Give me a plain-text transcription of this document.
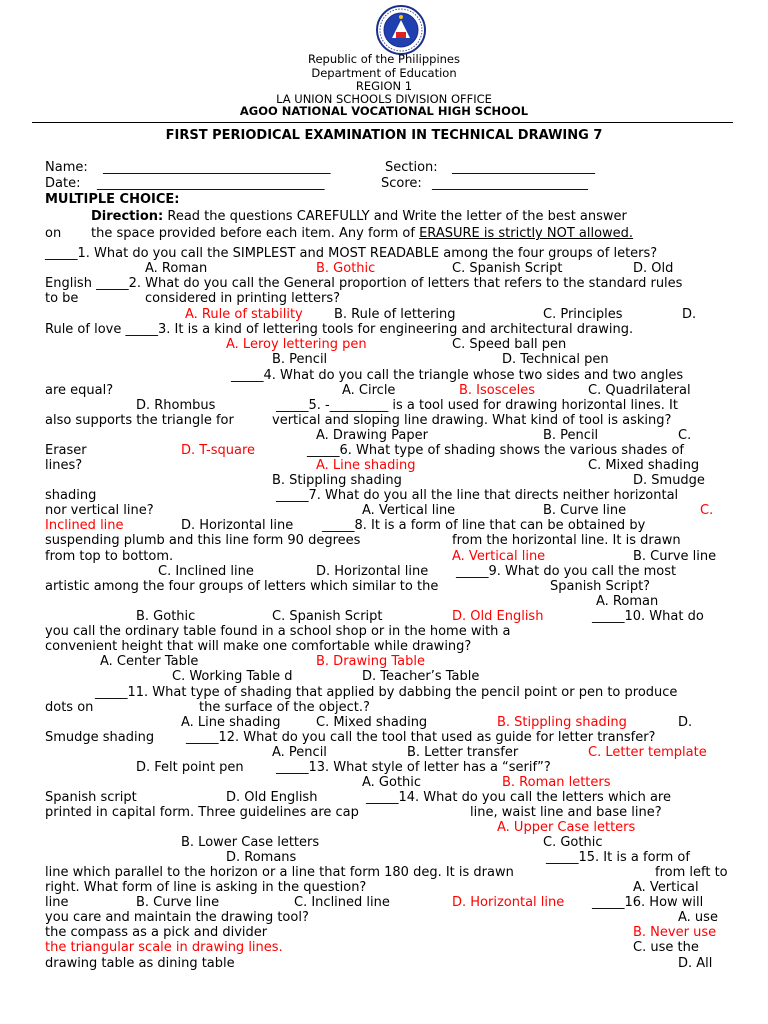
Republic of the Philippines
Department of Education
REGION 1
LA UNION SCHOOLS DIVISION OFFICE
AGOO NATIONAL VOCATIONAL HIGH SCHOOL
FIRST PERIODICAL EXAMINATION IN TECHNICAL DRAWING 7
Name: ___________________________________	Section: ______________________
Date: ___________________________________	Score: ________________________
MULTIPLE CHOICE:
Direction: Read the questions CAREFULLY and Write the letter of the best answer
on the space provided before each item. Any form of ERASURE is strictly NOT allowed.
_____1. What do you call the SIMPLEST and MOST READABLE among the four groups of leters?
A. Roman	B. Gothic	C. Spanish Script	D. Old
English _____2. What do you call the General proportion of letters that refers to the standard rules
to be	considered in printing letters?
A. Rule of stability B. Rule of lettering	C. Principles	D.
Rule of love _____3. It is a kind of lettering tools for engineering and architectural drawing.
A. Leroy lettering pen	C. Speed ball pen
B. Pencil	D. Technical pen
_____4. What do you call the triangle whose two sides and two angles
are equal?	A. Circle	B. Isosceles	C. Quadrilateral
D. Rhombus	_____5. -_________ is a tool used for drawing horizontal lines. It
also supports the triangle for	vertical and sloping line drawing. What kind of tool is asking?
A. Drawing Paper	B. Pencil	C.
Eraser	D. T-square	_____6. What type of shading shows the various shades of
lines?	A. Line shading	C. Mixed shading
B. Stippling shading	D. Smudge
shading	_____7. What do you all the line that directs neither horizontal
nor vertical line?	A. Vertical line	B. Curve line	C.
Inclined line	D. Horizontal line _____8. It is a form of line that can be obtained by
suspending plumb and this line form 90 degrees	from the horizontal line. It is drawn
from top to bottom.	A. Vertical line	B. Curve line
C. Inclined line	D. Horizontal line _____9. What do you call the most
artistic among the four groups of letters which similar to the	Spanish Script?
A. Roman
B. Gothic	C. Spanish Script	D. Old English	_____10. What do
you call the ordinary table found in a school shop or in the home with a
convenient height that will make one comfortable while drawing?
A. Center Table	B. Drawing Table
C. Working Table d	D. Teacher’s Table
_____11. What type of shading that applied by dabbing the pencil point or pen to produce
dots on	the surface of the object.?
A. Line shading	C. Mixed shading	B. Stippling shading	D.
Smudge shading _____12. What do you call the tool that used as guide for letter transfer?
A. Pencil	B. Letter transfer	C. Letter template
D. Felt point pen _____13. What style of letter has a “serif”?
A. Gothic	B. Roman letters
Spanish script	D. Old English	_____14. What do you call the letters which are
printed in capital form. Three guidelines are cap	line, waist line and base line?
A. Upper Case letters
B. Lower Case letters	C. Gothic
D. Romans	_____15. It is a form of
line which parallel to the horizon or a line that form 180 deg. It is drawn	from left to
right. What form of line is asking in the question?	A. Vertical
line	B. Curve line	C. Inclined line	D. Horizontal line _____16. How will
you care and maintain the drawing tool?	A. use
the compass as a pick and divider	B. Never use
the triangular scale in drawing lines.	C. use the
drawing table as dining table	D. All
